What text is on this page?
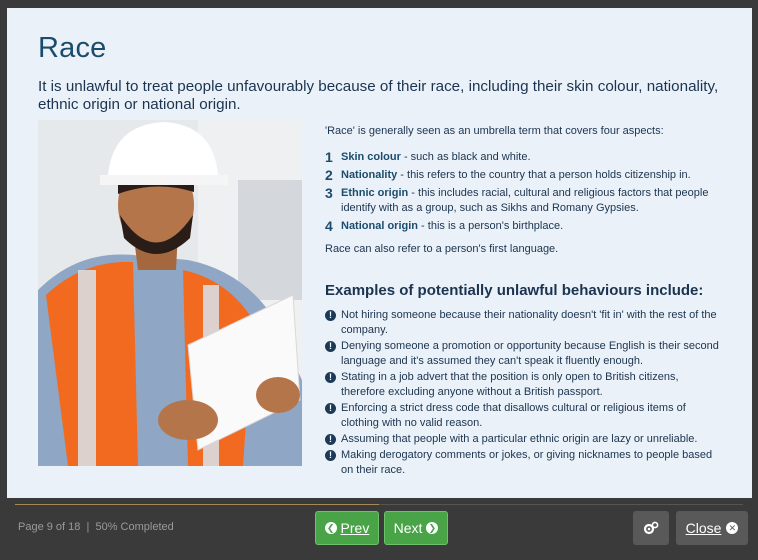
Race

It is unlawful to treat people unfavourably because of their race, including their skin colour, nationality, ethnic origin or national origin.

'Race' is generally seen as an umbrella term that covers four aspects:

1 Skin colour - such as black and white.
2 Nationality - this refers to the country that a person holds citizenship in.
3 Ethnic origin - this includes racial, cultural and religious factors that people identify with as a group, such as Sikhs and Romany Gypsies.
4 National origin - this is a person's birthplace.

Race can also refer to a person's first language.

Examples of potentially unlawful behaviours include:
! Not hiring someone because their nationality doesn't 'fit in' with the rest of the company.
! Denying someone a promotion or opportunity because English is their second language and it's assumed they can't speak it fluently enough.
! Stating in a job advert that the position is only open to British citizens, therefore excluding anyone without a British passport.
! Enforcing a strict dress code that disallows cultural or religious items of clothing with no valid reason.
! Assuming that people with a particular ethnic origin are lazy or unreliable.
! Making derogatory comments or jokes, or giving nicknames to people based on their race.
Page 9 of 18  |  50% Completed	❮
Prev Next
❯	Close ✕
